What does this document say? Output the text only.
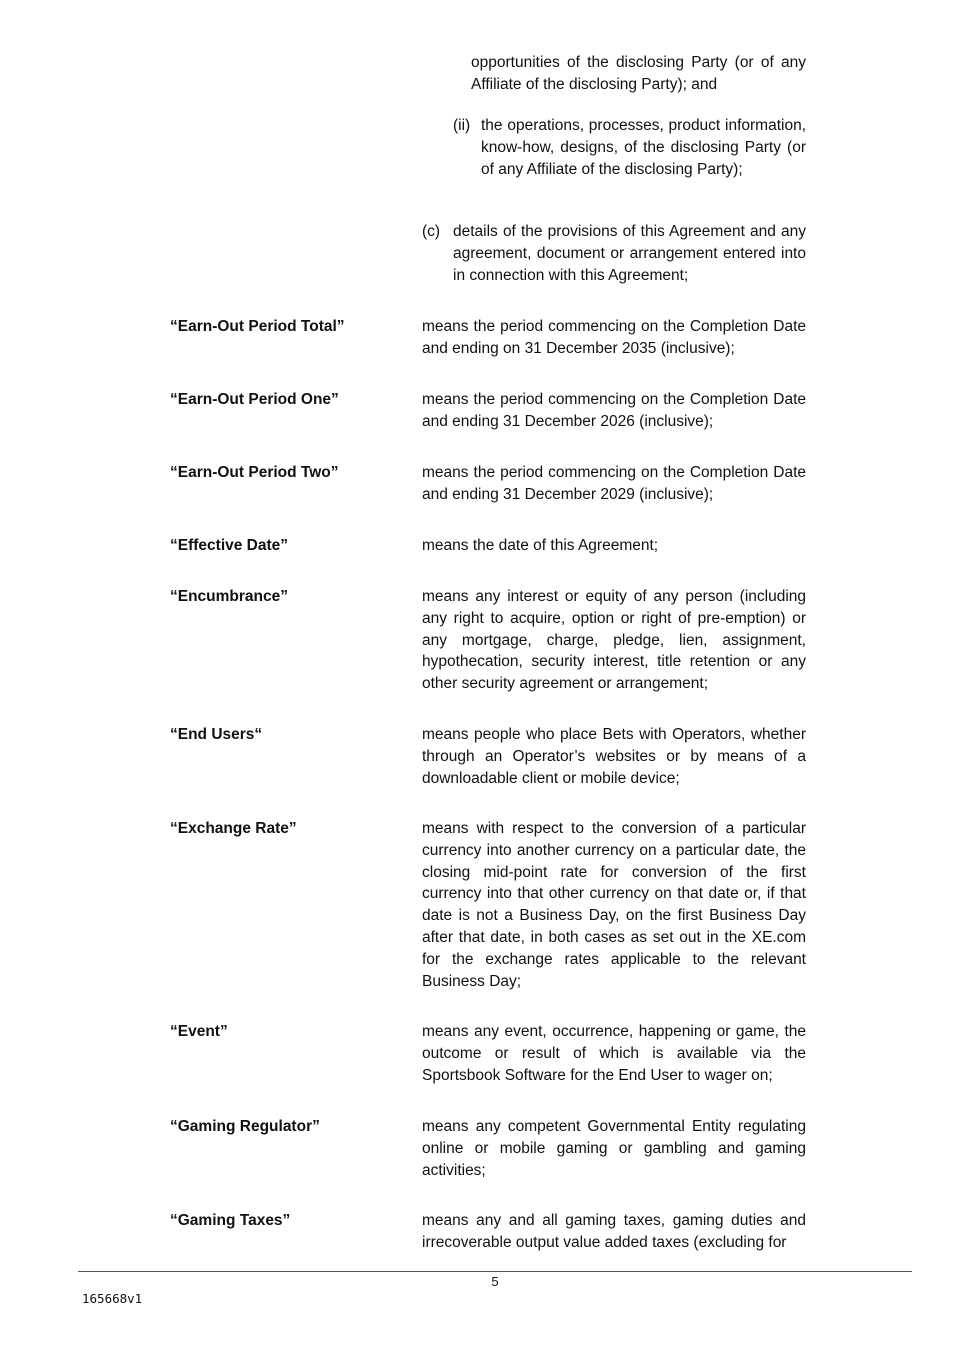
opportunities of the disclosing Party (or of any Affiliate of the disclosing Party); and
(ii) the operations, processes, product information, know-how, designs, of the disclosing Party (or of any Affiliate of the disclosing Party);
(c) details of the provisions of this Agreement and any agreement, document or arrangement entered into in connection with this Agreement;
“Earn-Out Period Total”	means the period commencing on the Completion Date and ending on 31 December 2035 (inclusive);
“Earn-Out Period One”	means the period commencing on the Completion Date and ending 31 December 2026 (inclusive);
“Earn-Out Period Two”	means the period commencing on the Completion Date and ending 31 December 2029 (inclusive);
“Effective Date”	means the date of this Agreement;
“Encumbrance”	means any interest or equity of any person (including any right to acquire, option or right of pre-emption) or any mortgage, charge, pledge, lien, assignment, hypothecation, security interest, title retention or any other security agreement or arrangement;
“End Users“	means people who place Bets with Operators, whether through an Operator’s websites or by means of a downloadable client or mobile device;
“Exchange Rate”	means with respect to the conversion of a particular currency into another currency on a particular date, the closing mid-point rate for conversion of the first currency into that other currency on that date or, if that date is not a Business Day, on the first Business Day after that date, in both cases as set out in the XE.com for the exchange rates applicable to the relevant Business Day;
“Event”	means any event, occurrence, happening or game, the outcome or result of which is available via the Sportsbook Software for the End User to wager on;
“Gaming Regulator”	means any competent Governmental Entity regulating online or mobile gaming or gambling and gaming activities;
“Gaming Taxes”	means any and all gaming taxes, gaming duties and irrecoverable output value added taxes (excluding for
5
165668v1
